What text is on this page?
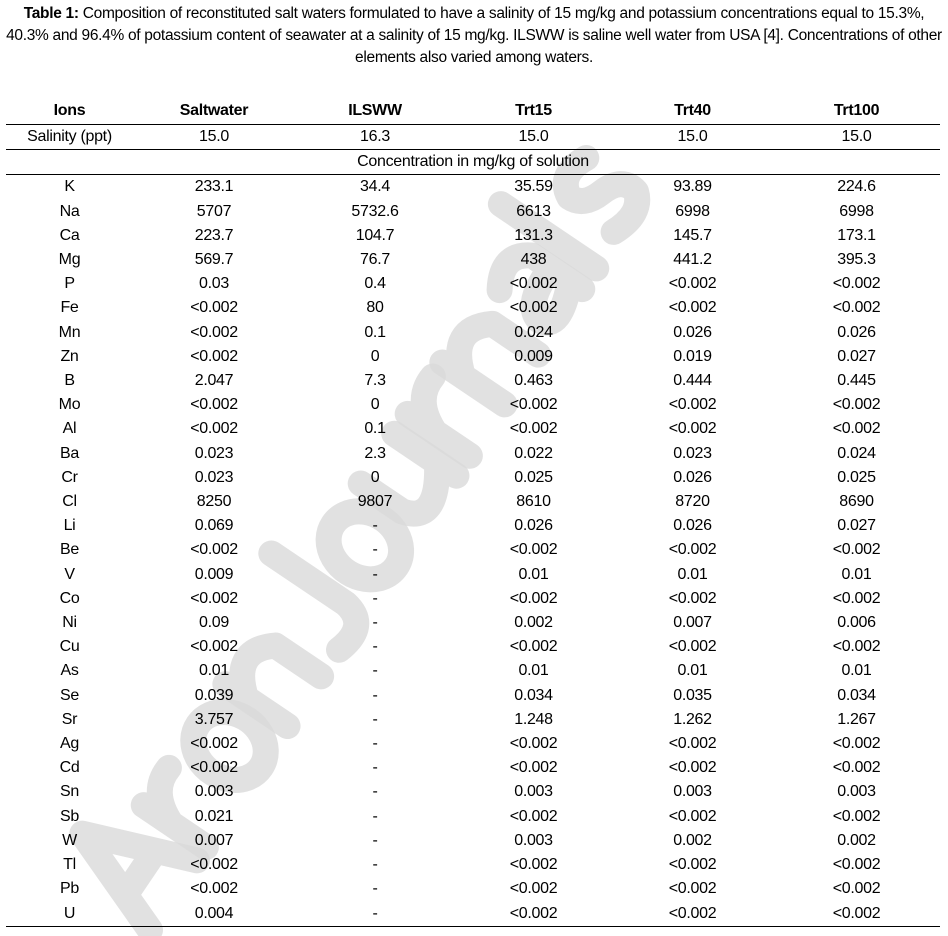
Table 1: Composition of reconstituted salt waters formulated to have a salinity of 15 mg/kg and potassium concentrations equal to 15.3%, 40.3% and 96.4% of potassium content of seawater at a salinity of 15 mg/kg. ILSWW is saline well water from USA [4]. Concentrations of other elements also varied among waters.
Ions	Saltwater	ILSWW	Trt15	Trt40	Trt100
Salinity (ppt)	15.0	16.3	15.0	15.0	15.0
Concentration in mg/kg of solution					
K	233.1	34.4	35.59	93.89	224.6
Na	5707	5732.6	6613	6998	6998
Ca	223.7	104.7	131.3	145.7	173.1
Mg	569.7	76.7	438	441.2	395.3
P	0.03	0.4	<0.002	<0.002	<0.002
Fe	<0.002	80	<0.002	<0.002	<0.002
Mn	<0.002	0.1	0.024	0.026	0.026
Zn	<0.002	0	0.009	0.019	0.027
B	2.047	7.3	0.463	0.444	0.445
Mo	<0.002	0	<0.002	<0.002	<0.002
Al	<0.002	0.1	<0.002	<0.002	<0.002
Ba	0.023	2.3	0.022	0.023	0.024
Cr	0.023	0	0.025	0.026	0.025
Cl	8250	9807	8610	8720	8690
Li	0.069	-	0.026	0.026	0.027
Be	<0.002	-	<0.002	<0.002	<0.002
V	0.009	-	0.01	0.01	0.01
Co	<0.002	-	<0.002	<0.002	<0.002
Ni	0.09	-	0.002	0.007	0.006
Cu	<0.002	-	<0.002	<0.002	<0.002
As	0.01	-	0.01	0.01	0.01
Se	0.039	-	0.034	0.035	0.034
Sr	3.757	-	1.248	1.262	1.267
Ag	<0.002	-	<0.002	<0.002	<0.002
Cd	<0.002	-	<0.002	<0.002	<0.002
Sn	0.003	-	0.003	0.003	0.003
Sb	0.021	-	<0.002	<0.002	<0.002
W	0.007	-	0.003	0.002	0.002
Tl	<0.002	-	<0.002	<0.002	<0.002
Pb	<0.002	-	<0.002	<0.002	<0.002
U	0.004	-	<0.002	<0.002	<0.002
